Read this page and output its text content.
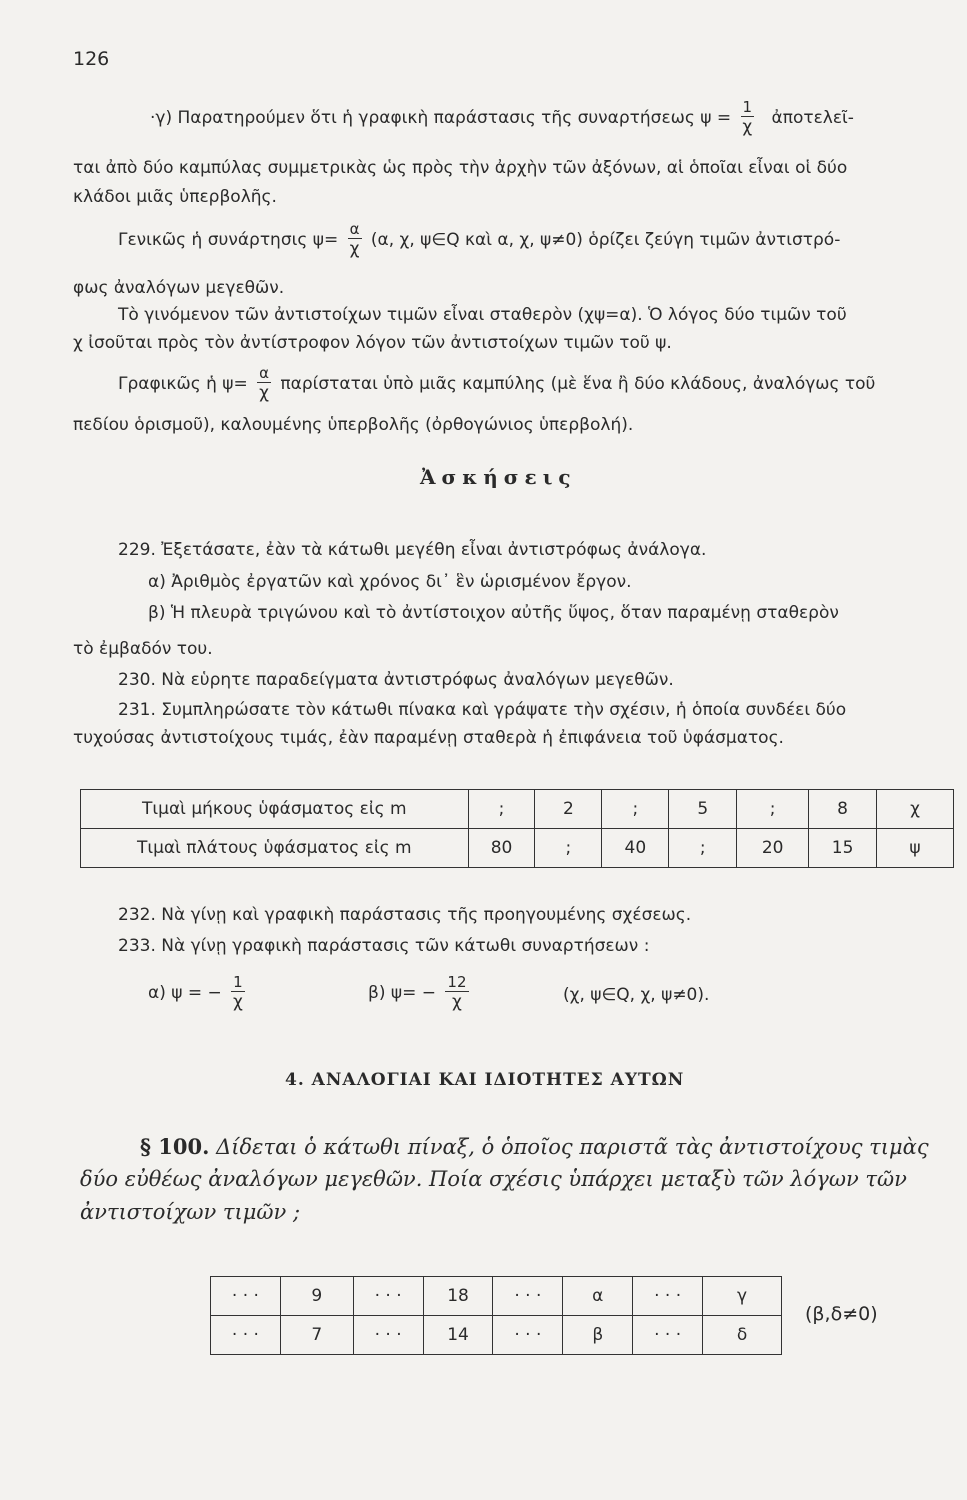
126
·γ) Παρατηρούμεν ὅτι ἡ γραφικὴ παράστασις τῆς συναρτήσεως $\psi = \frac{1}{\chi}$ ἀποτελεῖ-
ται ἀπὸ δύο καμπύλας συμμετρικὰς ὡς πρὸς τὴν ἀρχὴν τῶν ἀξόνων, αἱ ὁποῖαι εἶναι οἱ δύο
κλάδοι μιᾶς ὑπερβολῆς.
Γενικῶς ἡ συνάρτησις $\psi= \frac{\alpha}{\chi} (\alpha$, χ, ψ∈Q καὶ α, χ, ψ≠0) ὁρίζει ζεύγη τιμῶν ἀντιστρό-
φως ἀναλόγων μεγεθῶν.
Τὸ γινόμενον τῶν ἀντιστοίχων τιμῶν εἶναι σταθερὸν (χψ=α). Ὁ λόγος δύο τιμῶν τοῦ
χ ἰσοῦται πρὸς τὸν ἀντίστροφον λόγον τῶν ἀντιστοίχων τιμῶν τοῦ ψ.
Γραφικῶς ἡ $\psi= \frac{\alpha}{\chi}$ παρίσταται ὑπὸ μιᾶς καμπύλης (μὲ ἕνα ἢ δύο κλάδους, ἀναλόγως τοῦ
πεδίου ὁρισμοῦ), καλουμένης ὑπερβολῆς (ὀρθογώνιος ὑπερβολή).
Ἀσκήσεις
229. Ἐξετάσατε, ἐὰν τὰ κάτωθι μεγέθη εἶναι ἀντιστρόφως ἀνάλογα.
α) Ἀριθμὸς ἐργατῶν καὶ χρόνος δι᾽ ἓν ὡρισμένον ἔργον.
β) Ἡ πλευρὰ τριγώνου καὶ τὸ ἀντίστοιχον αὐτῆς ὕψος, ὅταν παραμένῃ σταθερὸν
τὸ ἐμβαδόν του.
230. Νὰ εὑρητε παραδείγματα ἀντιστρόφως ἀναλόγων μεγεθῶν.
231. Συμπληρώσατε τὸν κάτωθι πίνακα καὶ γράψατε τὴν σχέσιν, ἡ ὁποία συνδέει δύο
τυχούσας ἀντιστοίχους τιμάς, ἐὰν παραμένῃ σταθερὰ ἡ ἐπιφάνεια τοῦ ὑφάσματος.
Τιμαὶ μήκους ὑφάσματος εἰς m	;	2	;	5	;	8	χ
Τιμαὶ πλάτους ὑφάσματος εἰς m	80	;	40	;	20	15	ψ
232. Νὰ γίνῃ καὶ γραφικὴ παράστασις τῆς προηγουμένης σχέσεως.
233. Νὰ γίνῃ γραφικὴ παράστασις τῶν κάτωθι συναρτήσεων :
α) ψ = − $\frac{1}{\chi}$	β) $\psi= - \frac{12}{\chi}$	(χ, ψ∈Q, χ, ψ≠0).
4. ΑΝΑΛΟΓΙΑΙ ΚΑΙ ΙΔΙΟΤΗΤΕΣ ΑΥΤΩΝ
§ 100. Δίδεται ὁ κάτωθι πίναξ, ὁ ὁποῖος παριστᾶ τὰς ἀντιστοίχους τιμὰς
δύο εὐθέως ἀναλόγων μεγεθῶν. Ποία σχέσις ὑπάρχει μεταξὺ τῶν λόγων τῶν
ἀντιστοίχων τιμῶν ;
· · ·	9	· · ·	18	· · ·	α	· · ·	γ
· · ·	7	· · ·	14	· · ·	β	· · ·	δ
(β,δ≠0)
